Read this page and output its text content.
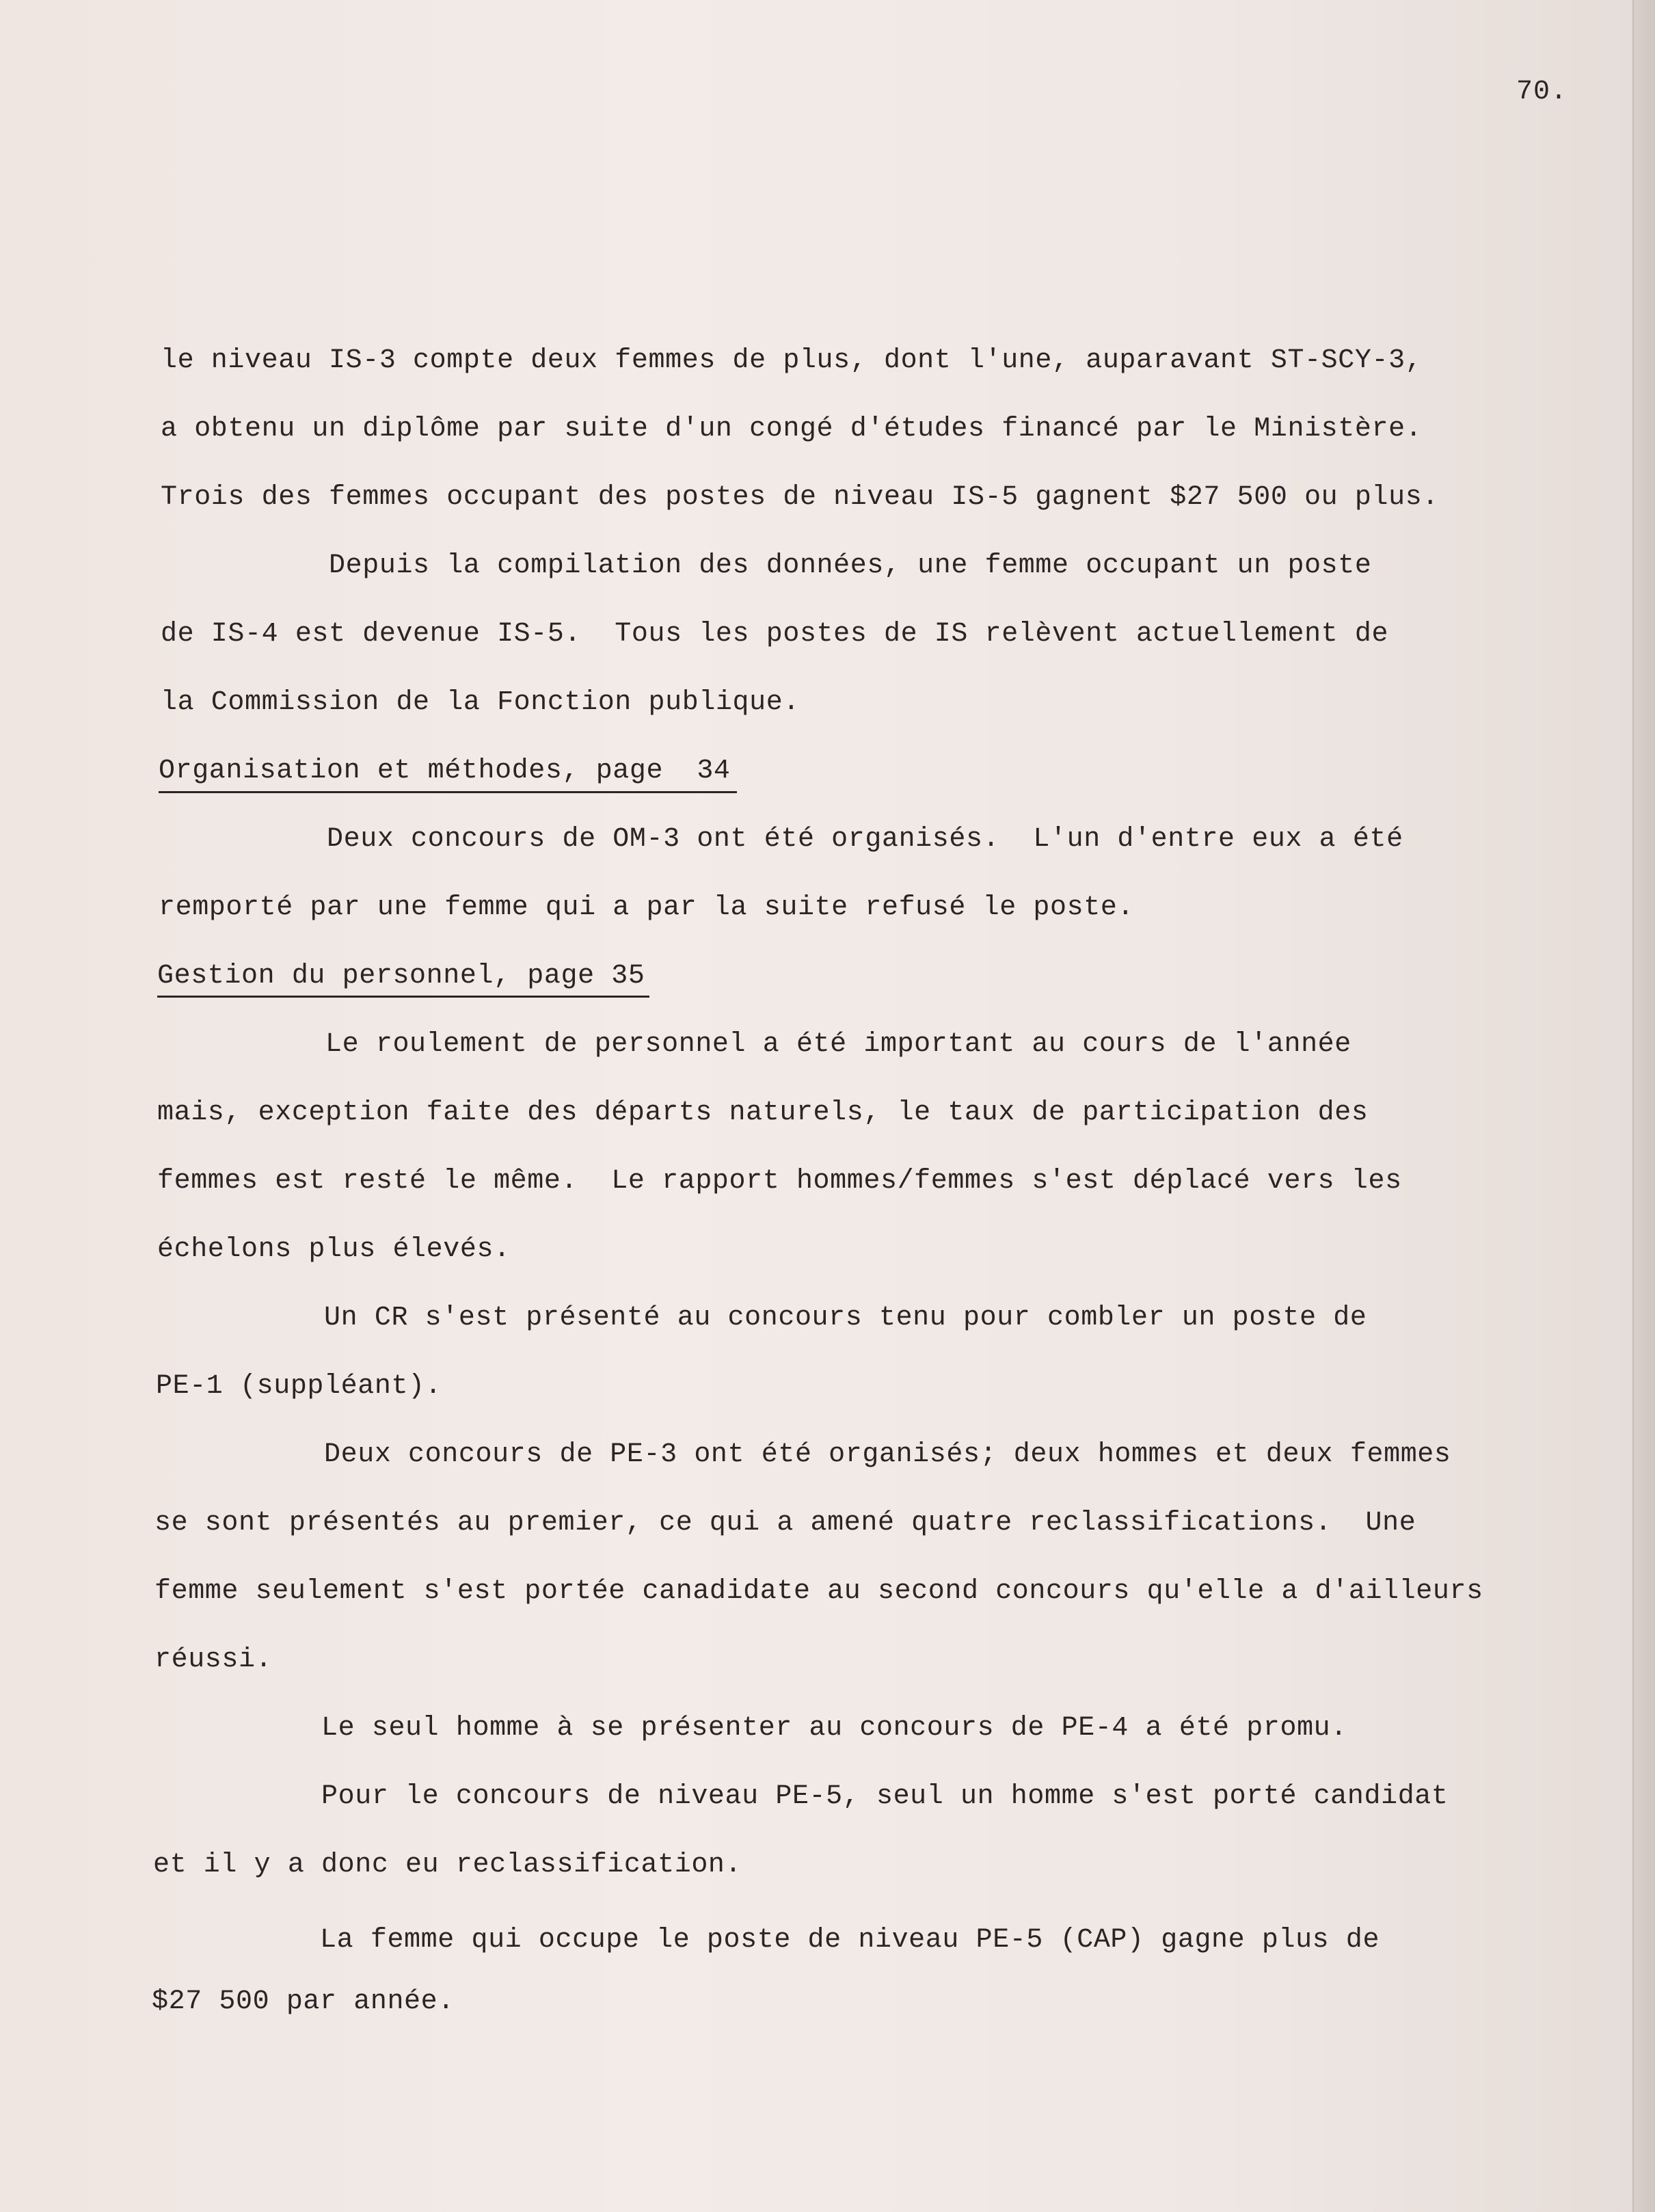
70.
le niveau IS-3 compte deux femmes de plus, dont l'une, auparavant ST-SCY-3,
a obtenu un diplôme par suite d'un congé d'études financé par le Ministère.
Trois des femmes occupant des postes de niveau IS-5 gagnent $27 500 ou plus.
Depuis la compilation des données, une femme occupant un poste
de IS-4 est devenue IS-5.  Tous les postes de IS relèvent actuellement de
la Commission de la Fonction publique.
Organisation et méthodes, page  34
Deux concours de OM-3 ont été organisés.  L'un d'entre eux a été
remporté par une femme qui a par la suite refusé le poste.
Gestion du personnel, page 35
Le roulement de personnel a été important au cours de l'année
mais, exception faite des départs naturels, le taux de participation des
femmes est resté le même.  Le rapport hommes/femmes s'est déplacé vers les
échelons plus élevés.
Un CR s'est présenté au concours tenu pour combler un poste de
PE-1 (suppléant).
Deux concours de PE-3 ont été organisés; deux hommes et deux femmes
se sont présentés au premier, ce qui a amené quatre reclassifications.  Une
femme seulement s'est portée canadidate au second concours qu'elle a d'ailleurs
réussi.
Le seul homme à se présenter au concours de PE-4 a été promu.
Pour le concours de niveau PE-5, seul un homme s'est porté candidat
et il y a donc eu reclassification.
La femme qui occupe le poste de niveau PE-5 (CAP) gagne plus de
$27 500 par année.
